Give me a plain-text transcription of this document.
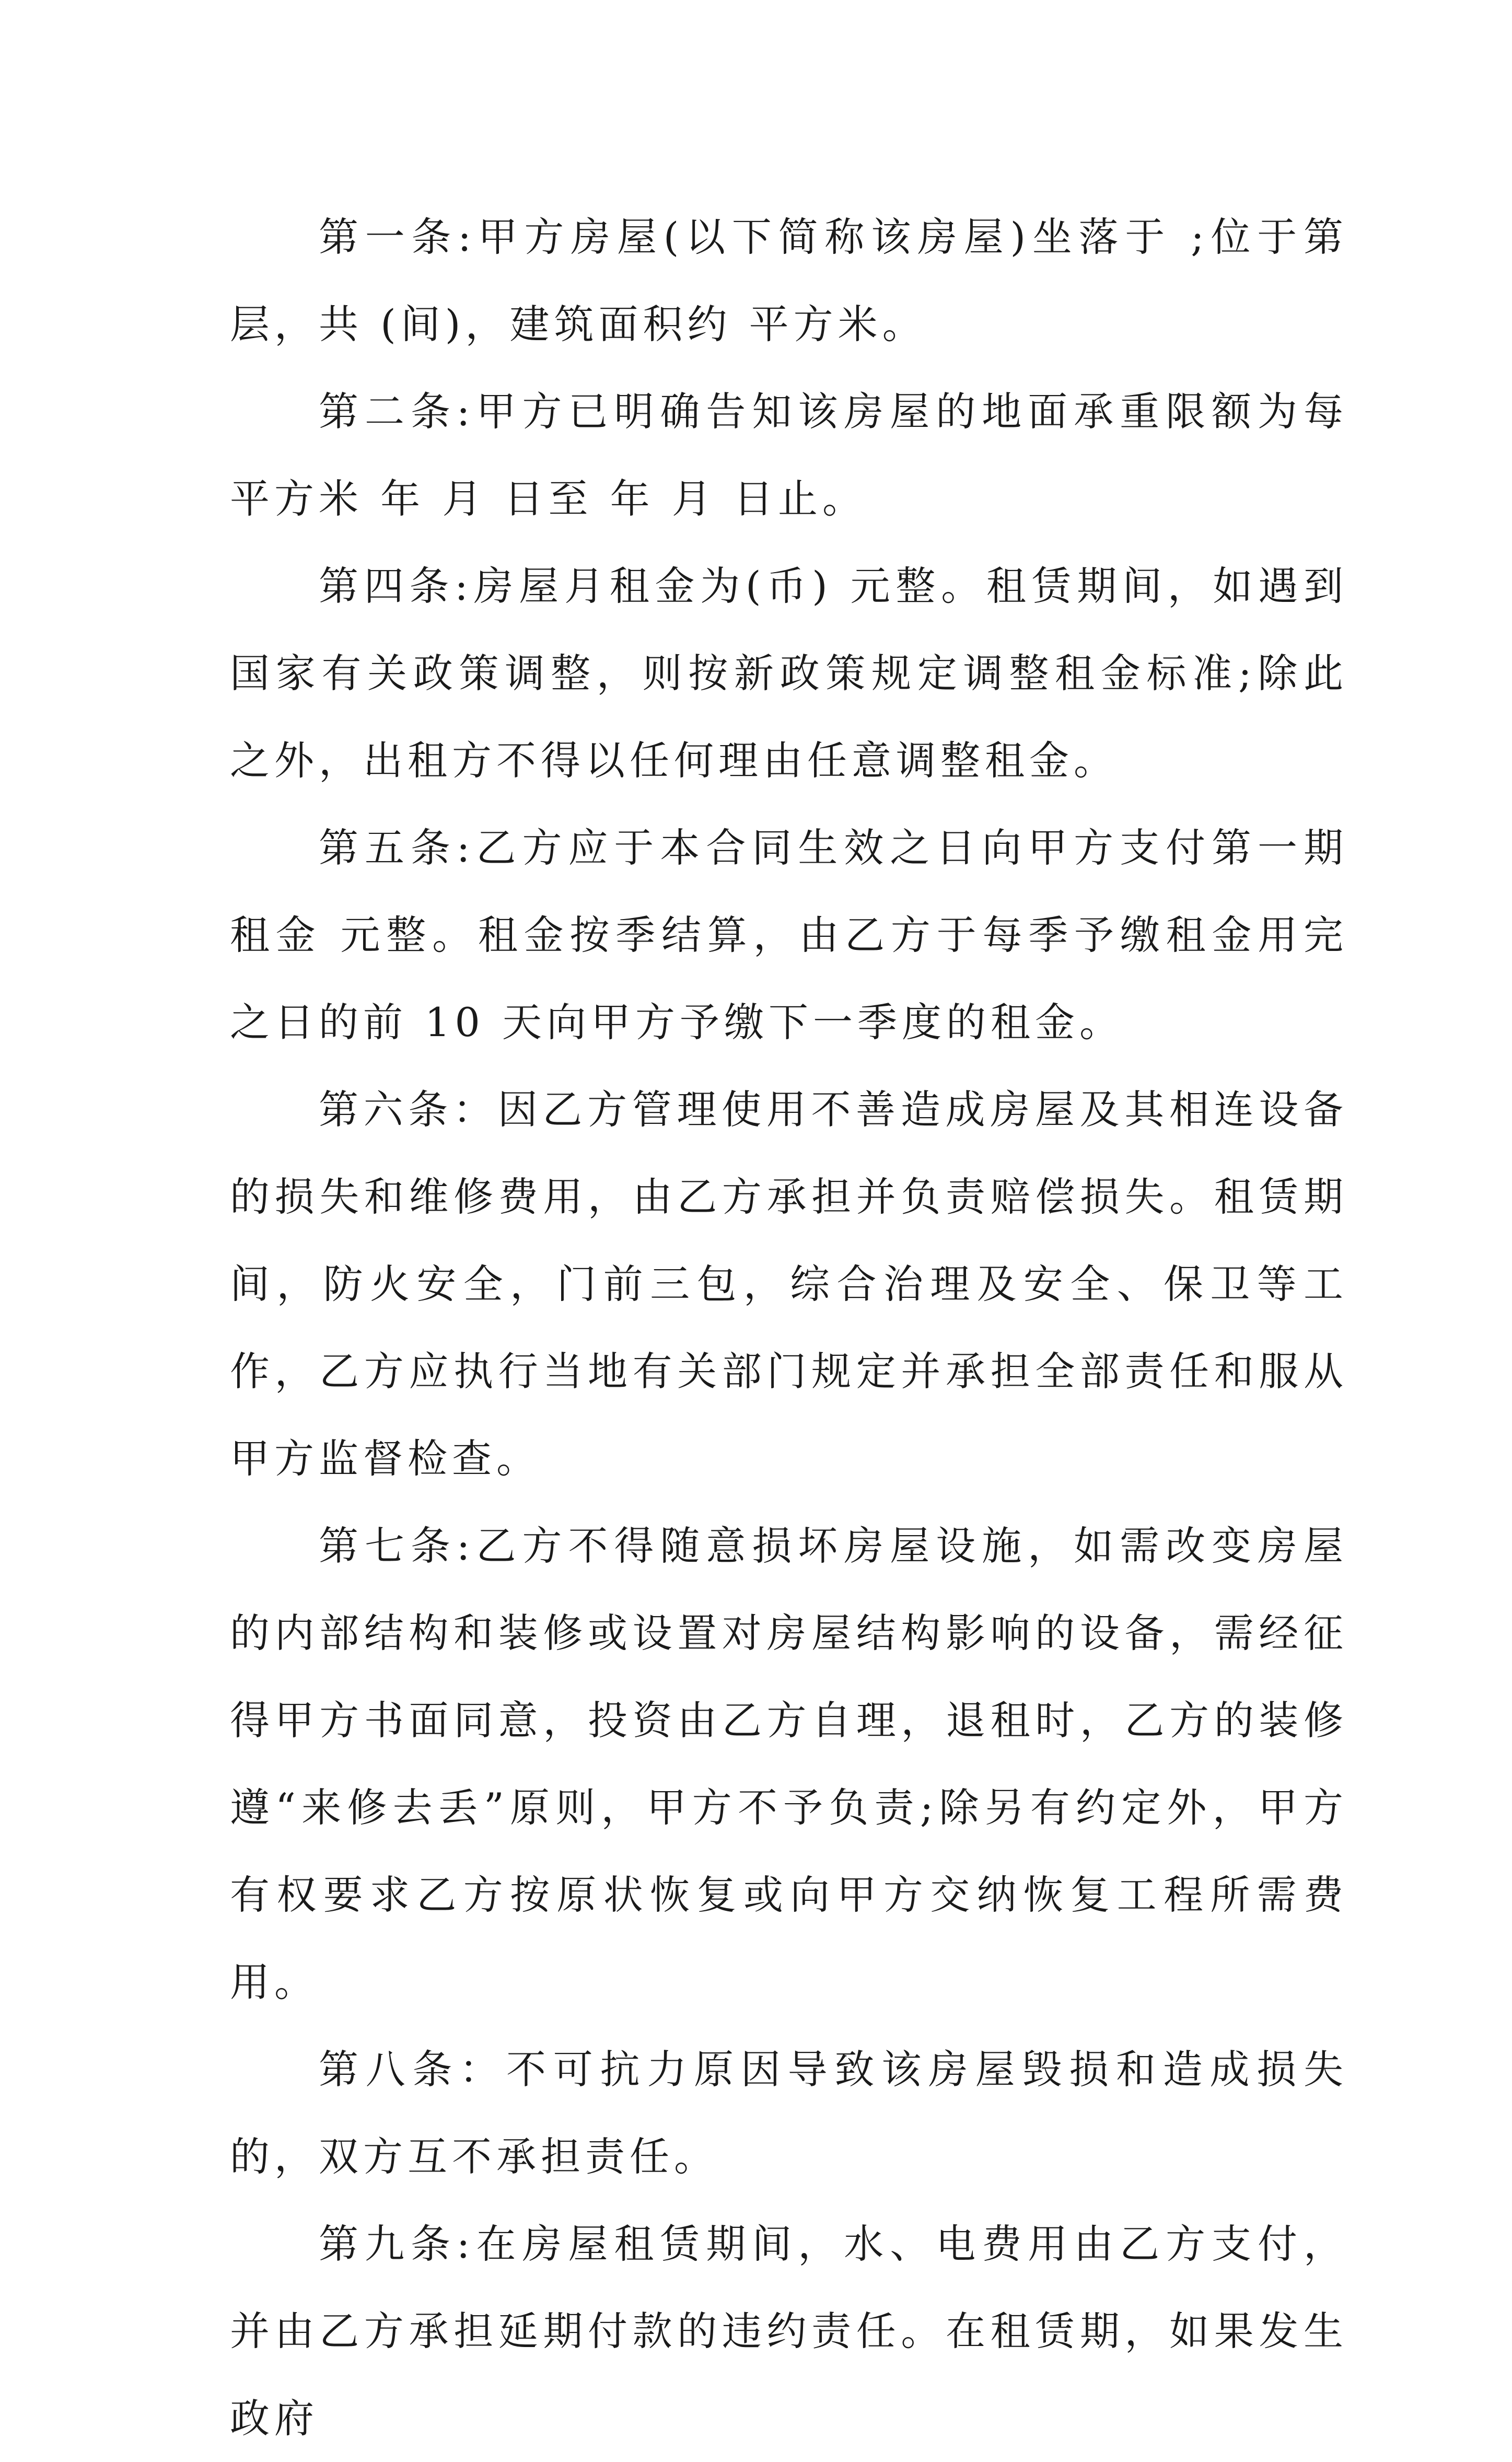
第一条:甲方房屋(以下简称该房屋)坐落于 ;位于第 层，共 (间)，建筑面积约 平方米。

第二条:甲方已明确告知该房屋的地面承重限额为每平方米 年 月 日至 年 月 日止。

第四条:房屋月租金为(币) 元整。租赁期间，如遇到国家有关政策调整，则按新政策规定调整租金标准;除此之外，出租方不得以任何理由任意调整租金。

第五条:乙方应于本合同生效之日向甲方支付第一期租金 元整。租金按季结算，由乙方于每季予缴租金用完之日的前 10 天向甲方予缴下一季度的租金。

第六条：因乙方管理使用不善造成房屋及其相连设备的损失和维修费用，由乙方承担并负责赔偿损失。租赁期间，防火安全，门前三包，综合治理及安全、保卫等工作，乙方应执行当地有关部门规定并承担全部责任和服从甲方监督检查。

第七条:乙方不得随意损坏房屋设施，如需改变房屋的内部结构和装修或设置对房屋结构影响的设备，需经征得甲方书面同意，投资由乙方自理，退租时，乙方的装修遵“来修去丢”原则，甲方不予负责;除另有约定外，甲方有权要求乙方按原状恢复或向甲方交纳恢复工程所需费用。

第八条：不可抗力原因导致该房屋毁损和造成损失的，双方互不承担责任。

第九条:在房屋租赁期间，水、电费用由乙方支付，并由乙方承担延期付款的违约责任。在租赁期，如果发生政府
